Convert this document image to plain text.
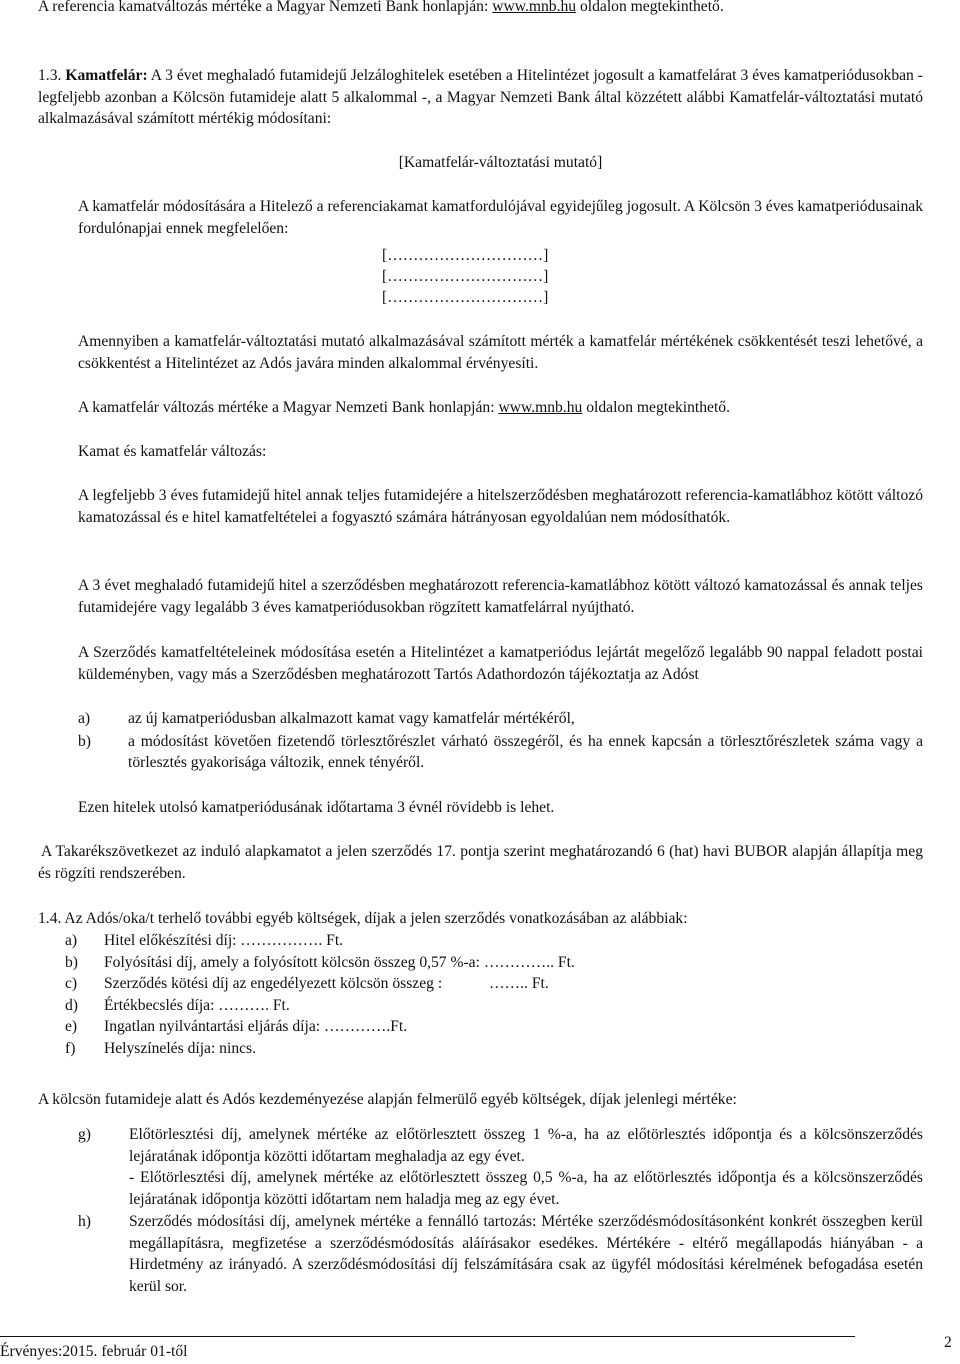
A referencia kamatváltozás mértéke a Magyar Nemzeti Bank honlapján: www.mnb.hu oldalon megtekinthető.

1.3. Kamatfelár: A 3 évet meghaladó futamidejű Jelzáloghitelek esetében a Hitelintézet jogosult a kamatfelárat 3 éves kamatperiódusokban - legfeljebb azonban a Kölcsön futamideje alatt 5 alkalommal -, a Magyar Nemzeti Bank által közzétett alábbi Kamatfelár-változtatási mutató alkalmazásával számított mértékig módosítani:

[Kamatfelár-változtatási mutató]

A kamatfelár módosítására a Hitelező a referenciakamat kamatfordulójával egyidejűleg jogosult. A Kölcsön 3 éves kamatperiódusainak fordulónapjai ennek megfelelően:

[…………………………]

[…………………………]

[…………………………]

Amennyiben a kamatfelár-változtatási mutató alkalmazásával számított mérték a kamatfelár mértékének csökkentését teszi lehetővé, a csökkentést a Hitelintézet az Adós javára minden alkalommal érvényesíti.

A kamatfelár változás mértéke a Magyar Nemzeti Bank honlapján: www.mnb.hu oldalon megtekinthető.

Kamat és kamatfelár változás:

A legfeljebb 3 éves futamidejű hitel annak teljes futamidejére a hitelszerződésben meghatározott referencia-kamatlábhoz kötött változó kamatozással és e hitel kamatfeltételei a fogyasztó számára hátrányosan egyoldalúan nem módosíthatók.

A 3 évet meghaladó futamidejű hitel a szerződésben meghatározott referencia-kamatlábhoz kötött változó kamatozással és annak teljes futamidejére vagy legalább 3 éves kamatperiódusokban rögzített kamatfelárral nyújtható.

A Szerződés kamatfeltételeinek módosítása esetén a Hitelintézet a kamatperiódus lejártát megelőző legalább 90 nappal feladott postai küldeményben, vagy más a Szerződésben meghatározott Tartós Adathordozón tájékoztatja az Adóst

a)	az új kamatperiódusban alkalmazott kamat vagy kamatfelár mértékéről,
b)	a módosítást követően fizetendő törlesztőrészlet várható összegéről, és ha ennek kapcsán a törlesztőrészletek száma vagy a törlesztés gyakorisága változik, ennek tényéről.

Ezen hitelek utolsó kamatperiódusának időtartama 3 évnél rövidebb is lehet.

A Takarékszövetkezet az induló alapkamatot a jelen szerződés 17. pontja szerint meghatározandó 6 (hat) havi BUBOR alapján állapítja meg és rögzíti rendszerében.

1.4. Az Adós/oka/t terhelő további egyéb költségek, díjak a jelen szerződés vonatkozásában az alábbiak:

a)	Hitel előkészítési díj: ……………. Ft.
b)	Folyósítási díj, amely a folyósított kölcsön összeg 0,57 %-a: ………….. Ft.
c)	Szerződés kötési díj az engedélyezett kölcsön összeg :            …….. Ft.
d)	Értékbecslés díja: ………. Ft.
e)	Ingatlan nyilvántartási eljárás díja: ………….Ft.
f)	Helyszínelés díja: nincs.

A kölcsön futamideje alatt és Adós kezdeményezése alapján felmerülő egyéb költségek, díjak jelenlegi mértéke:

g)	Előtörlesztési díj, amelynek mértéke az előtörlesztett összeg 1 %-a, ha az előtörlesztés időpontja és a kölcsönszerződés lejáratának időpontja közötti időtartam meghaladja az egy évet.
- Előtörlesztési díj, amelynek mértéke az előtörlesztett összeg 0,5 %-a, ha az előtörlesztés időpontja és a kölcsönszerződés lejáratának időpontja közötti időtartam nem haladja meg az egy évet.
h)	Szerződés módosítási díj, amelynek mértéke a fennálló tartozás: Mértéke szerződésmódosításonként konkrét összegben kerül megállapításra, megfizetése a szerződésmódosítás aláírásakor esedékes. Mértékére - eltérő megállapodás hiányában - a Hirdetmény az irányadó. A szerződésmódosítási díj felszámítására csak az ügyfél módosítási kérelmének befogadása esetén kerül sor.

Érvényes:2015. február 01-től

2
